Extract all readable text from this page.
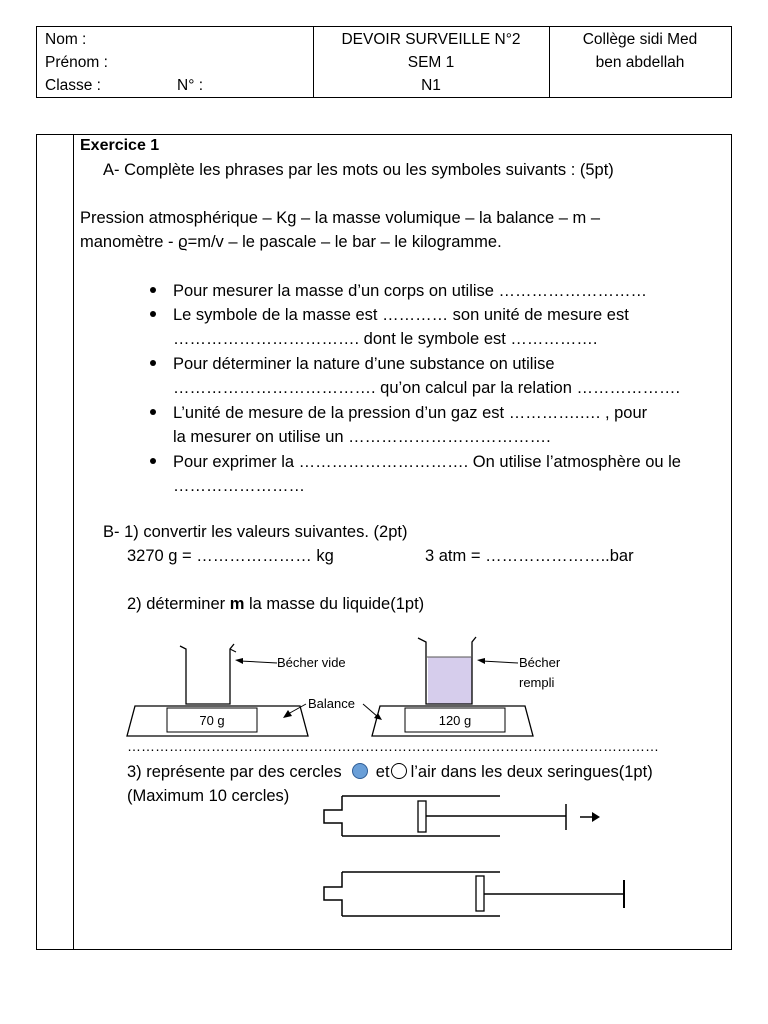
Nom :
Prénom :
Classe :	N° :
DEVOIR SURVEILLE N°2
SEM 1
N1
Collège sidi Med
ben abdellah
Exercice 1
A- Complète les phrases par les mots ou les symboles suivants : (5pt)
Pression atmosphérique – Kg – la masse volumique – la balance – m –
manomètre - ϱ=m/v – le pascale – le bar – le kilogramme.
Pour mesurer la masse d’un corps on utilise ………………………
Le symbole de la masse est ………… son unité de mesure est
……………………………. dont le symbole est …………….
Pour déterminer la nature d’une substance on utilise
………………………………. qu’on calcul par la relation ……………….
L’unité de mesure de la pression d’un gaz est ………….…. , pour
la mesurer on utilise un ……………………………….
Pour exprimer la …………………………. On utilise l’atmosphère ou le
……………………
B- 1) convertir les valeurs suivantes. (2pt)
3270 g = ………………… kg	3 atm = …………………..bar
2) déterminer m la masse du liquide(1pt)
70 g
Bécher vide
Balance
120 g
Bécher
rempli
……………………………………………………………………………………………………
3) représente par des cercles et l’air dans les deux seringues(1pt)
(Maximum 10 cercles)
